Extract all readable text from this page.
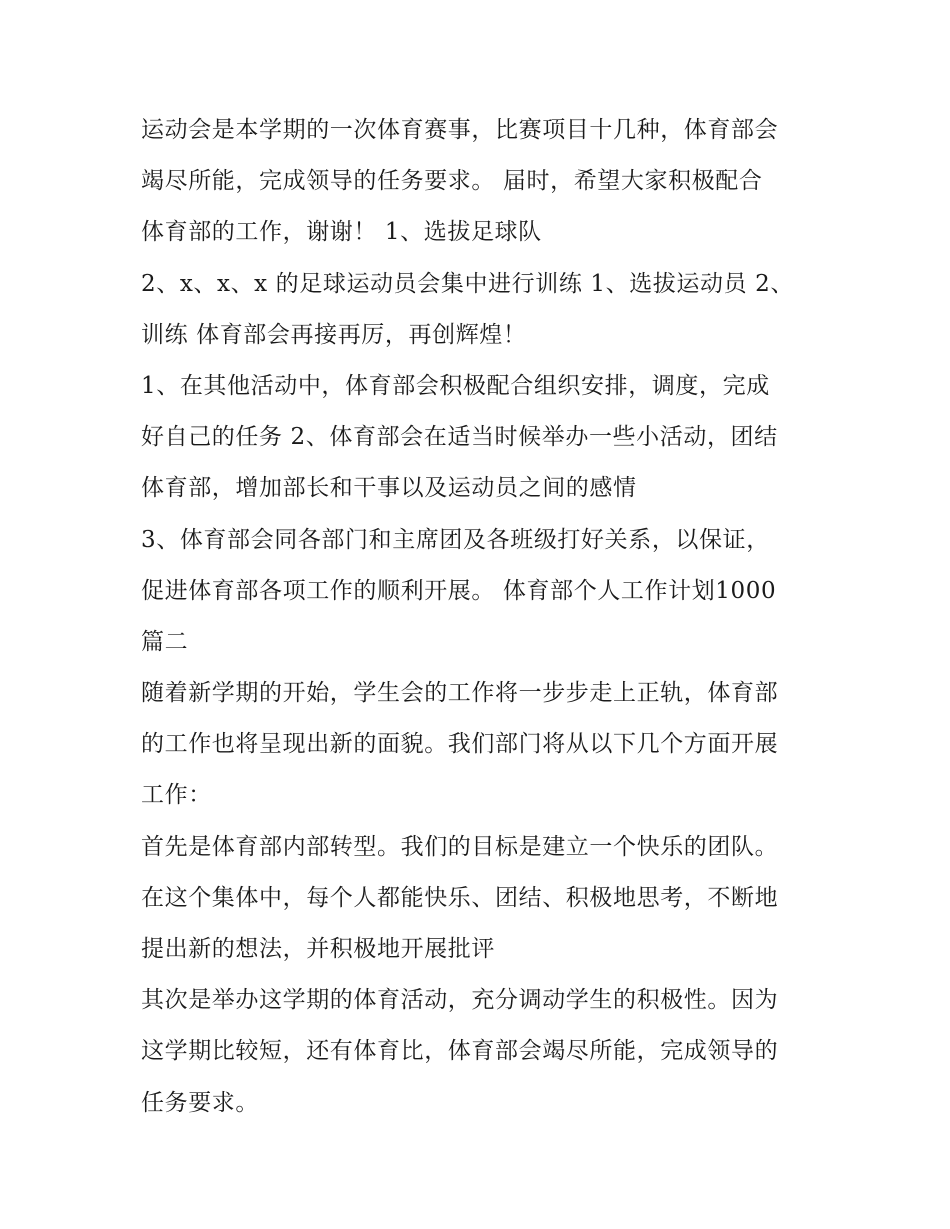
运动会是本学期的一次体育赛事，比赛项目十几种，体育部会
竭尽所能，完成领导的任务要求。 届时，希望大家积极配合
体育部的工作，谢谢！ 1、选拔足球队
2、x、x、x 的足球运动员会集中进行训练 1、选拔运动员 2、
训练 体育部会再接再厉，再创辉煌！
1、在其他活动中，体育部会积极配合组织安排，调度，完成
好自己的任务 2、体育部会在适当时候举办一些小活动，团结
体育部，增加部长和干事以及运动员之间的感情
3、体育部会同各部门和主席团及各班级打好关系，以保证，
促进体育部各项工作的顺利开展。 体育部个人工作计划1000
篇二
随着新学期的开始，学生会的工作将一步步走上正轨，体育部
的工作也将呈现出新的面貌。我们部门将从以下几个方面开展
工作：
首先是体育部内部转型。我们的目标是建立一个快乐的团队。
在这个集体中，每个人都能快乐、团结、积极地思考，不断地
提出新的想法，并积极地开展批评
其次是举办这学期的体育活动，充分调动学生的积极性。因为
这学期比较短，还有体育比，体育部会竭尽所能，完成领导的
任务要求。
